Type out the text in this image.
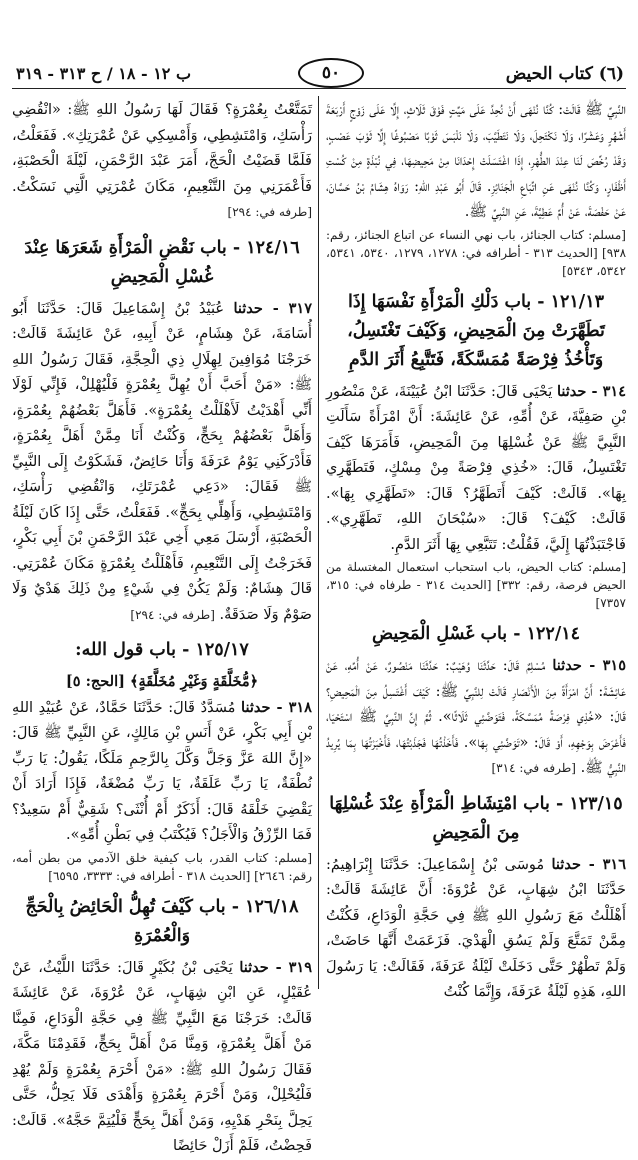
(٦) كتاب الحيض
٥٠
ب ١٢ - ١٨ / ح ٣١٣ - ٣١٩

النَّبِيِّ ﷺ قَالَتْ: كُنَّا نُنْهَى أَنْ نُحِدَّ عَلَى مَيِّتٍ فَوْقَ ثَلَاثٍ، إِلَّا عَلَى زَوْجٍ أَرْبَعَةَ أَشْهُرٍ وَعَشْرًا، وَلَا نَكْتَحِلَ، وَلَا نَتَطَيَّبَ، وَلَا نَلْبَسَ ثَوْبًا مَصْبُوغًا إِلَّا ثَوْبَ عَصْبٍ، وَقَدْ رُخِّصَ لَنَا عِنْدَ الطُّهْرِ، إِذَا اغْتَسَلَتْ إِحْدَانَا مِنْ مَحِيضِهَا، فِي نُبْذَةٍ مِنْ كُسْتِ أَظْفَارٍ، وَكُنَّا نُنْهَى عَنِ اتِّبَاعِ الْجَنَائِزِ. قَالَ أَبُو عَبْدِ اللهِ: رَوَاهُ هِشَامُ بْنُ حَسَّانَ، عَنْ حَفْصَةَ، عَنْ أُمِّ عَطِيَّةَ، عَنِ النَّبِيِّ ﷺ.

[مسلم: كتاب الجنائز، باب نهي النساء عن اتباع الجنائز، رقم: ٩٣٨] [الحديث ٣١٣ - أطرافه في: ١٢٧٨، ١٢٧٩، ٥٣٤٠، ٥٣٤١، ٥٣٤٢، ٥٣٤٣]

١٢١/١٣ - باب دَلْكِ الْمَرْأَةِ نَفْسَهَا إِذَا تَطَهَّرَتْ مِنَ الْمَحِيضِ، وَكَيْفَ تَغْتَسِلُ، وَتَأْخُذُ فِرْصَةً مُمَسَّكَةً، فَتَتَّبِعُ أَثَرَ الدَّمِ

٣١٤ - حدثنا يَحْيَى قَالَ: حَدَّثَنَا ابْنُ عُيَيْنَةَ، عَنْ مَنْصُورِ بْنِ صَفِيَّةَ، عَنْ أُمِّهِ، عَنْ عَائِشَةَ: أَنَّ امْرَأَةً سَأَلَتِ النَّبِيَّ ﷺ عَنْ غُسْلِهَا مِنَ الْمَحِيضِ، فَأَمَرَهَا كَيْفَ تَغْتَسِلُ، قَالَ: «خُذِي فِرْصَةً مِنْ مِسْكٍ، فَتَطَهَّرِي بِهَا». قَالَتْ: كَيْفَ أَتَطَهَّرُ؟ قَالَ: «تَطَهَّرِي بِهَا». قَالَتْ: كَيْفَ؟ قَالَ: «سُبْحَانَ اللهِ، تَطَهَّرِي». فَاجْتَبَذْتُهَا إِلَيَّ، فَقُلْتُ: تَتَبَّعِي بِهَا أَثَرَ الدَّمِ.

[مسلم: كتاب الحيض، باب استحباب استعمال المغتسلة من الحيض فرصة، رقم: ٣٣٢] [الحديث ٣١٤ - طرفاه في: ٣١٥، ٧٣٥٧]

١٢٢/١٤ - باب غَسْلِ الْمَحِيضِ

٣١٥ - حدثنا مُسْلِمٌ قَالَ: حَدَّثَنَا وُهَيْبٌ: حَدَّثَنَا مَنْصُورٌ، عَنْ أُمِّهِ، عَنْ عَائِشَةَ: أَنَّ امْرَأَةً مِنَ الْأَنْصَارِ قَالَتْ لِلنَّبِيِّ ﷺ: كَيْفَ أَغْتَسِلُ مِنَ الْمَحِيضِ؟ قَالَ: «خُذِي فِرْصَةً مُمَسَّكَةً، فَتَوَضَّئِي ثَلَاثًا». ثُمَّ إِنَّ النَّبِيَّ ﷺ اسْتَحْيَا، فَأَعْرَضَ بِوَجْهِهِ، أَوْ قَالَ: «تَوَضَّئِي بِهَا». فَأَخَذْتُهَا فَجَذَبْتُهَا، فَأَخْبَرْتُهَا بِمَا يُرِيدُ النَّبِيُّ ﷺ. [طرفه في: ٣١٤]

١٢٣/١٥ - باب امْتِشَاطِ الْمَرْأَةِ عِنْدَ غُسْلِهَا مِنَ الْمَحِيضِ

٣١٦ - حدثنا مُوسَى بْنُ إِسْمَاعِيلَ: حَدَّثَنَا إِبْرَاهِيمُ: حَدَّثَنَا ابْنُ شِهَابٍ، عَنْ عُرْوَةَ: أَنَّ عَائِشَةَ قَالَتْ: أَهْلَلْتُ مَعَ رَسُولِ اللهِ ﷺ فِي حَجَّةِ الْوَدَاعِ، فَكُنْتُ مِمَّنْ تَمَتَّعَ وَلَمْ يَسُقِ الْهَدْيَ. فَزَعَمَتْ أَنَّهَا حَاضَتْ، وَلَمْ تَطْهُرْ حَتَّى دَخَلَتْ لَيْلَةُ عَرَفَةَ، فَقَالَتْ: يَا رَسُولَ اللهِ، هَذِهِ لَيْلَةُ عَرَفَةَ، وَإِنَّمَا كُنْتُ

تَمَتَّعْتُ بِعُمْرَةٍ؟ فَقَالَ لَهَا رَسُولُ اللهِ ﷺ: «انْقُضِي رَأْسَكِ، وَامْتَشِطِي، وَأَمْسِكِي عَنْ عُمْرَتِكِ». فَفَعَلْتُ، فَلَمَّا قَضَيْتُ الْحَجَّ، أَمَرَ عَبْدَ الرَّحْمَنِ، لَيْلَةَ الْحَصْبَةِ، فَأَعْمَرَنِي مِنَ التَّنْعِيمِ، مَكَانَ عُمْرَتِي الَّتِي نَسَكْتُ. [طرفه في: ٢٩٤]

١٢٤/١٦ - باب نَقْضِ الْمَرْأَةِ شَعَرَهَا عِنْدَ غُسْلِ الْمَحِيضِ

٣١٧ - حدثنا عُبَيْدُ بْنُ إِسْمَاعِيلَ قَالَ: حَدَّثَنَا أَبُو أُسَامَةَ، عَنْ هِشَامٍ، عَنْ أَبِيهِ، عَنْ عَائِشَةَ قَالَتْ: خَرَجْنَا مُوَافِينَ لِهِلَالِ ذِي الْحِجَّةِ، فَقَالَ رَسُولُ اللهِ ﷺ: «مَنْ أَحَبَّ أَنْ يُهِلَّ بِعُمْرَةٍ فَلْيُهْلِلْ، فَإِنِّي لَوْلَا أَنِّي أَهْدَيْتُ لَأَهْلَلْتُ بِعُمْرَةٍ». فَأَهَلَّ بَعْضُهُمْ بِعُمْرَةٍ، وَأَهَلَّ بَعْضُهُمْ بِحَجٍّ، وَكُنْتُ أَنَا مِمَّنْ أَهَلَّ بِعُمْرَةٍ، فَأَدْرَكَنِي يَوْمُ عَرَفَةَ وَأَنَا حَائِضٌ، فَشَكَوْتُ إِلَى النَّبِيِّ ﷺ فَقَالَ: «دَعِي عُمْرَتَكِ، وَانْقُضِي رَأْسَكِ، وَامْتَشِطِي، وَأَهِلِّي بِحَجٍّ». فَفَعَلْتُ، حَتَّى إِذَا كَانَ لَيْلَةُ الْحَصْبَةِ، أَرْسَلَ مَعِي أَخِي عَبْدَ الرَّحْمَنِ بْنَ أَبِي بَكْرٍ، فَخَرَجْتُ إِلَى التَّنْعِيمِ، فَأَهْلَلْتُ بِعُمْرَةٍ مَكَانَ عُمْرَتِي. قَالَ هِشَامٌ: وَلَمْ يَكُنْ فِي شَيْءٍ مِنْ ذَلِكَ هَدْيٌ وَلَا صَوْمٌ وَلَا صَدَقَةٌ. [طرفه في: ٢٩٤]

١٢٥/١٧ - باب قول الله:
﴿مُّخَلَّقَةٍ وَغَيْرِ مُخَلَّقَةٍ﴾ [الحج: ٥]

٣١٨ - حدثنا مُسَدَّدٌ قَالَ: حَدَّثَنَا حَمَّادٌ، عَنْ عُبَيْدِ اللهِ بْنِ أَبِي بَكْرٍ، عَنْ أَنَسِ بْنِ مَالِكٍ، عَنِ النَّبِيِّ ﷺ قَالَ: «إِنَّ اللهَ عَزَّ وَجَلَّ وَكَّلَ بِالرَّحِمِ مَلَكًا، يَقُولُ: يَا رَبِّ نُطْفَةٌ، يَا رَبِّ عَلَقَةٌ، يَا رَبِّ مُضْغَةٌ، فَإِذَا أَرَادَ أَنْ يَقْضِيَ خَلْقَهُ قَالَ: أَذَكَرٌ أَمْ أُنْثَى؟ شَقِيٌّ أَمْ سَعِيدٌ؟ فَمَا الرِّزْقُ وَالْأَجَلُ؟ فَيُكْتَبُ فِي بَطْنِ أُمِّهِ».

[مسلم: كتاب القدر، باب كيفية خلق الآدمي من بطن أمه، رقم: ٢٦٤٦] [الحديث ٣١٨ - أطرافه في: ٣٣٣٣، ٦٥٩٥]

١٢٦/١٨ - باب كَيْفَ تُهِلُّ الْحَائِضُ بِالْحَجِّ وَالْعُمْرَةِ

٣١٩ - حدثنا يَحْيَى بْنُ بُكَيْرٍ قَالَ: حَدَّثَنَا اللَّيْثُ، عَنْ عُقَيْلٍ، عَنِ ابْنِ شِهَابٍ، عَنْ عُرْوَةَ، عَنْ عَائِشَةَ قَالَتْ: خَرَجْنَا مَعَ النَّبِيِّ ﷺ فِي حَجَّةِ الْوَدَاعِ، فَمِنَّا مَنْ أَهَلَّ بِعُمْرَةٍ، وَمِنَّا مَنْ أَهَلَّ بِحَجٍّ، فَقَدِمْنَا مَكَّةَ، فَقَالَ رَسُولُ اللهِ ﷺ: «مَنْ أَحْرَمَ بِعُمْرَةٍ وَلَمْ يُهْدِ فَلْيُحْلِلْ، وَمَنْ أَحْرَمَ بِعُمْرَةٍ وَأَهْدَى فَلَا يَحِلُّ، حَتَّى يَحِلَّ بِنَحْرِ هَدْيِهِ، وَمَنْ أَهَلَّ بِحَجٍّ فَلْيُتِمَّ حَجَّهُ». قَالَتْ: فَحِضْتُ، فَلَمْ أَزَلْ حَائِضًا
